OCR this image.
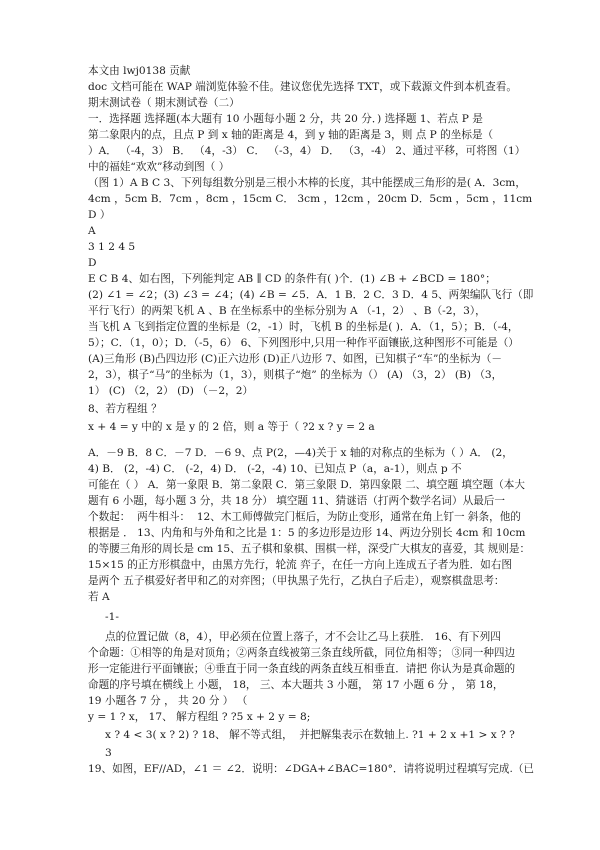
本文由 lwj0138 贡献

doc 文档可能在 WAP 端浏览体验不佳。建议您优先选择 TXT，或下载源文件到本机查看。

期末测试卷（ 期末测试卷（二）

一．选择题 选择题(本大题有 10 小题每小题 2 分，共 20 分．) 选择题 1、若点 P 是

第二象限内的点，且点 P 到 x 轴的距离是 4，到 y 轴的距离是 3，则 点 P 的坐标是（

）A． （-4，3） B． （4，-3） C． （-3，4） D． （3，-4） 2、通过平移，可将图（1）

中的福娃“欢欢”移动到图（ ）

（图 1）A B C 3、下列每组数分别是三根小木棒的长度，其中能摆成三角形的是( A．3cm，

4cm ，5cm B．7cm ，8cm ，15cm C． 3cm ，12cm ，20cm D．5cm ，5cm ，11cm

D ）

A

3 1 2 4 5

D

E C B 4、如右图，下列能判定 AB ∥ CD 的条件有( )个．(1) ∠B + ∠BCD = 180°；

(2) ∠1 = ∠2；(3) ∠3 = ∠4；(4) ∠B = ∠5．A．1 B．2 C．3 D．4 5、两架编队飞行（即

平行飞行）的两架飞机 A 、B 在坐标系中的坐标分别为 A （-1，2） 、B（-2，3），

当飞机 A 飞到指定位置的坐标是（2，-1）时，飞机 B 的坐标是( )．A．（1，5）；B．（-4，

5）；C．（1，0）；D．（-5，6） 6、下列图形中,只用一种作平面镶嵌,这种图形不可能是（）

(A)三角形 (B)凸四边形 (C)正六边形 (D)正八边形 7、如图，已知棋子“车”的坐标为（－

2，3），棋子“马”的坐标为（1，3），则棋子“炮” 的坐标为（） (A) （3，2） (B) （3，

1） (C) （2，2） (D) （－2，2）

8、若方程组 ？

x + 4 = y 中的 x 是 y 的 2 倍，则 a 等于（ ?2 x ? y = 2 a

A．－9 B．8 C．－7 D．－6 9、点 P(2，—4)关于 x 轴的对称点的坐标为（ ）A． (2，

4) B． (2，-4) C． (-2，4) D． (-2，-4) 10、已知点 P（a，a-1），则点 p 不

可能在（ ） A．第一象限 B．第二象限 C．第三象限 D．第四象限 二、填空题 填空题（本大

题有 6 小题，每小题 3 分，共 18 分） 填空题 11、猜谜语（打两个数学名词）从最后一

个数起：  两牛相斗：  12、木工师傅做完门框后，为防止变形，通常在角上钉一 斜条，他的

根据是 ． 13、内角和与外角和之比是 1：5 的多边形是边形 14、两边分别长 4cm 和 10cm

的等腰三角形的周长是 cm 15、五子棋和象棋、围棋一样，深受广大棋友的喜爱，其 规则是：

15×15 的正方形棋盘中，由黑方先行，轮流 弈子，在任一方向上连成五子者为胜．如右图

是两个 五子棋爱好者甲和乙的对弈图；（甲执黑子先行，乙执白子后走），观察棋盘思考：

若 A

-1-

点的位置记做（8，4），甲必须在位置上落子，才不会让乙马上获胜． 16、有下列四

个命题：①相等的角是对顶角；②两条直线被第三条直线所截，同位角相等； ③同一种四边

形一定能进行平面镶嵌；④垂直于同一条直线的两条直线互相垂直．请把 你认为是真命题的

命题的序号填在横线上 小题， 18， 三、本大题共 3 小题， 第 17 小题 6 分 ， 第 18，

19 小题各 7 分 ， 共 20 分 ） （

y = 1 ? x， 17、 解方程组 ? ?5 x + 2 y = 8;

x ? 4 < 3( x ? 2) ? 18、 解不等式组，  并把解集表示在数轴上. ?1 + 2 x +1 > x ? ?

3

19、如图，EF//AD，∠1 ＝ ∠2．说明：∠DGA+∠BAC=180°．请将说明过程填写完成.（已
